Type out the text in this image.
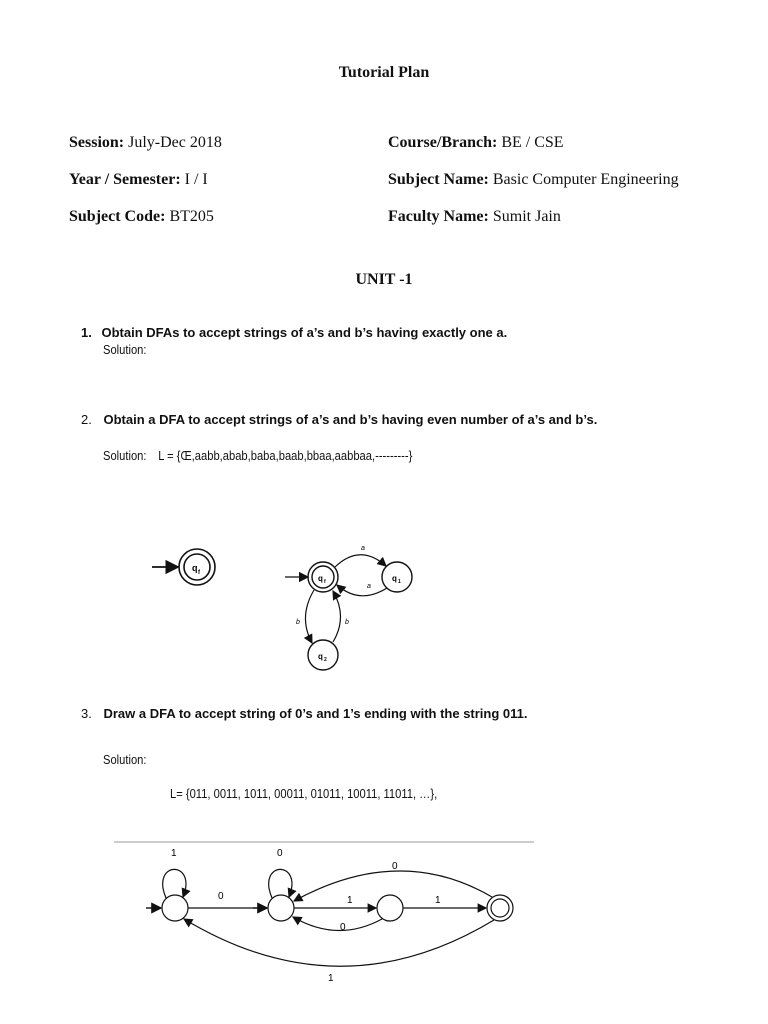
Tutorial Plan
Session: July-Dec 2018	Course/Branch: BE / CSE
Year / Semester: I / I	Subject Name: Basic Computer Engineering
Subject Code: BT205	Faculty Name: Sumit Jain
UNIT -1
1. Obtain DFAs to accept strings of a’s and b’s having exactly one a.
Solution:
2. Obtain a DFA to accept strings of a’s and b’s having even number of a’s and b’s.
Solution: L = {Œ,aabb,abab,baba,baab,bbaa,aabbaa,---------}
q f
q f	q 1
q 2
a
a
b	b
3. Draw a DFA to accept string of 0’s and 1’s ending with the string 011.
Solution:
L= {011, 0011, 1011, 00011, 01011, 10011, 11011, …},
1	0
0	1
0
1
0
1
